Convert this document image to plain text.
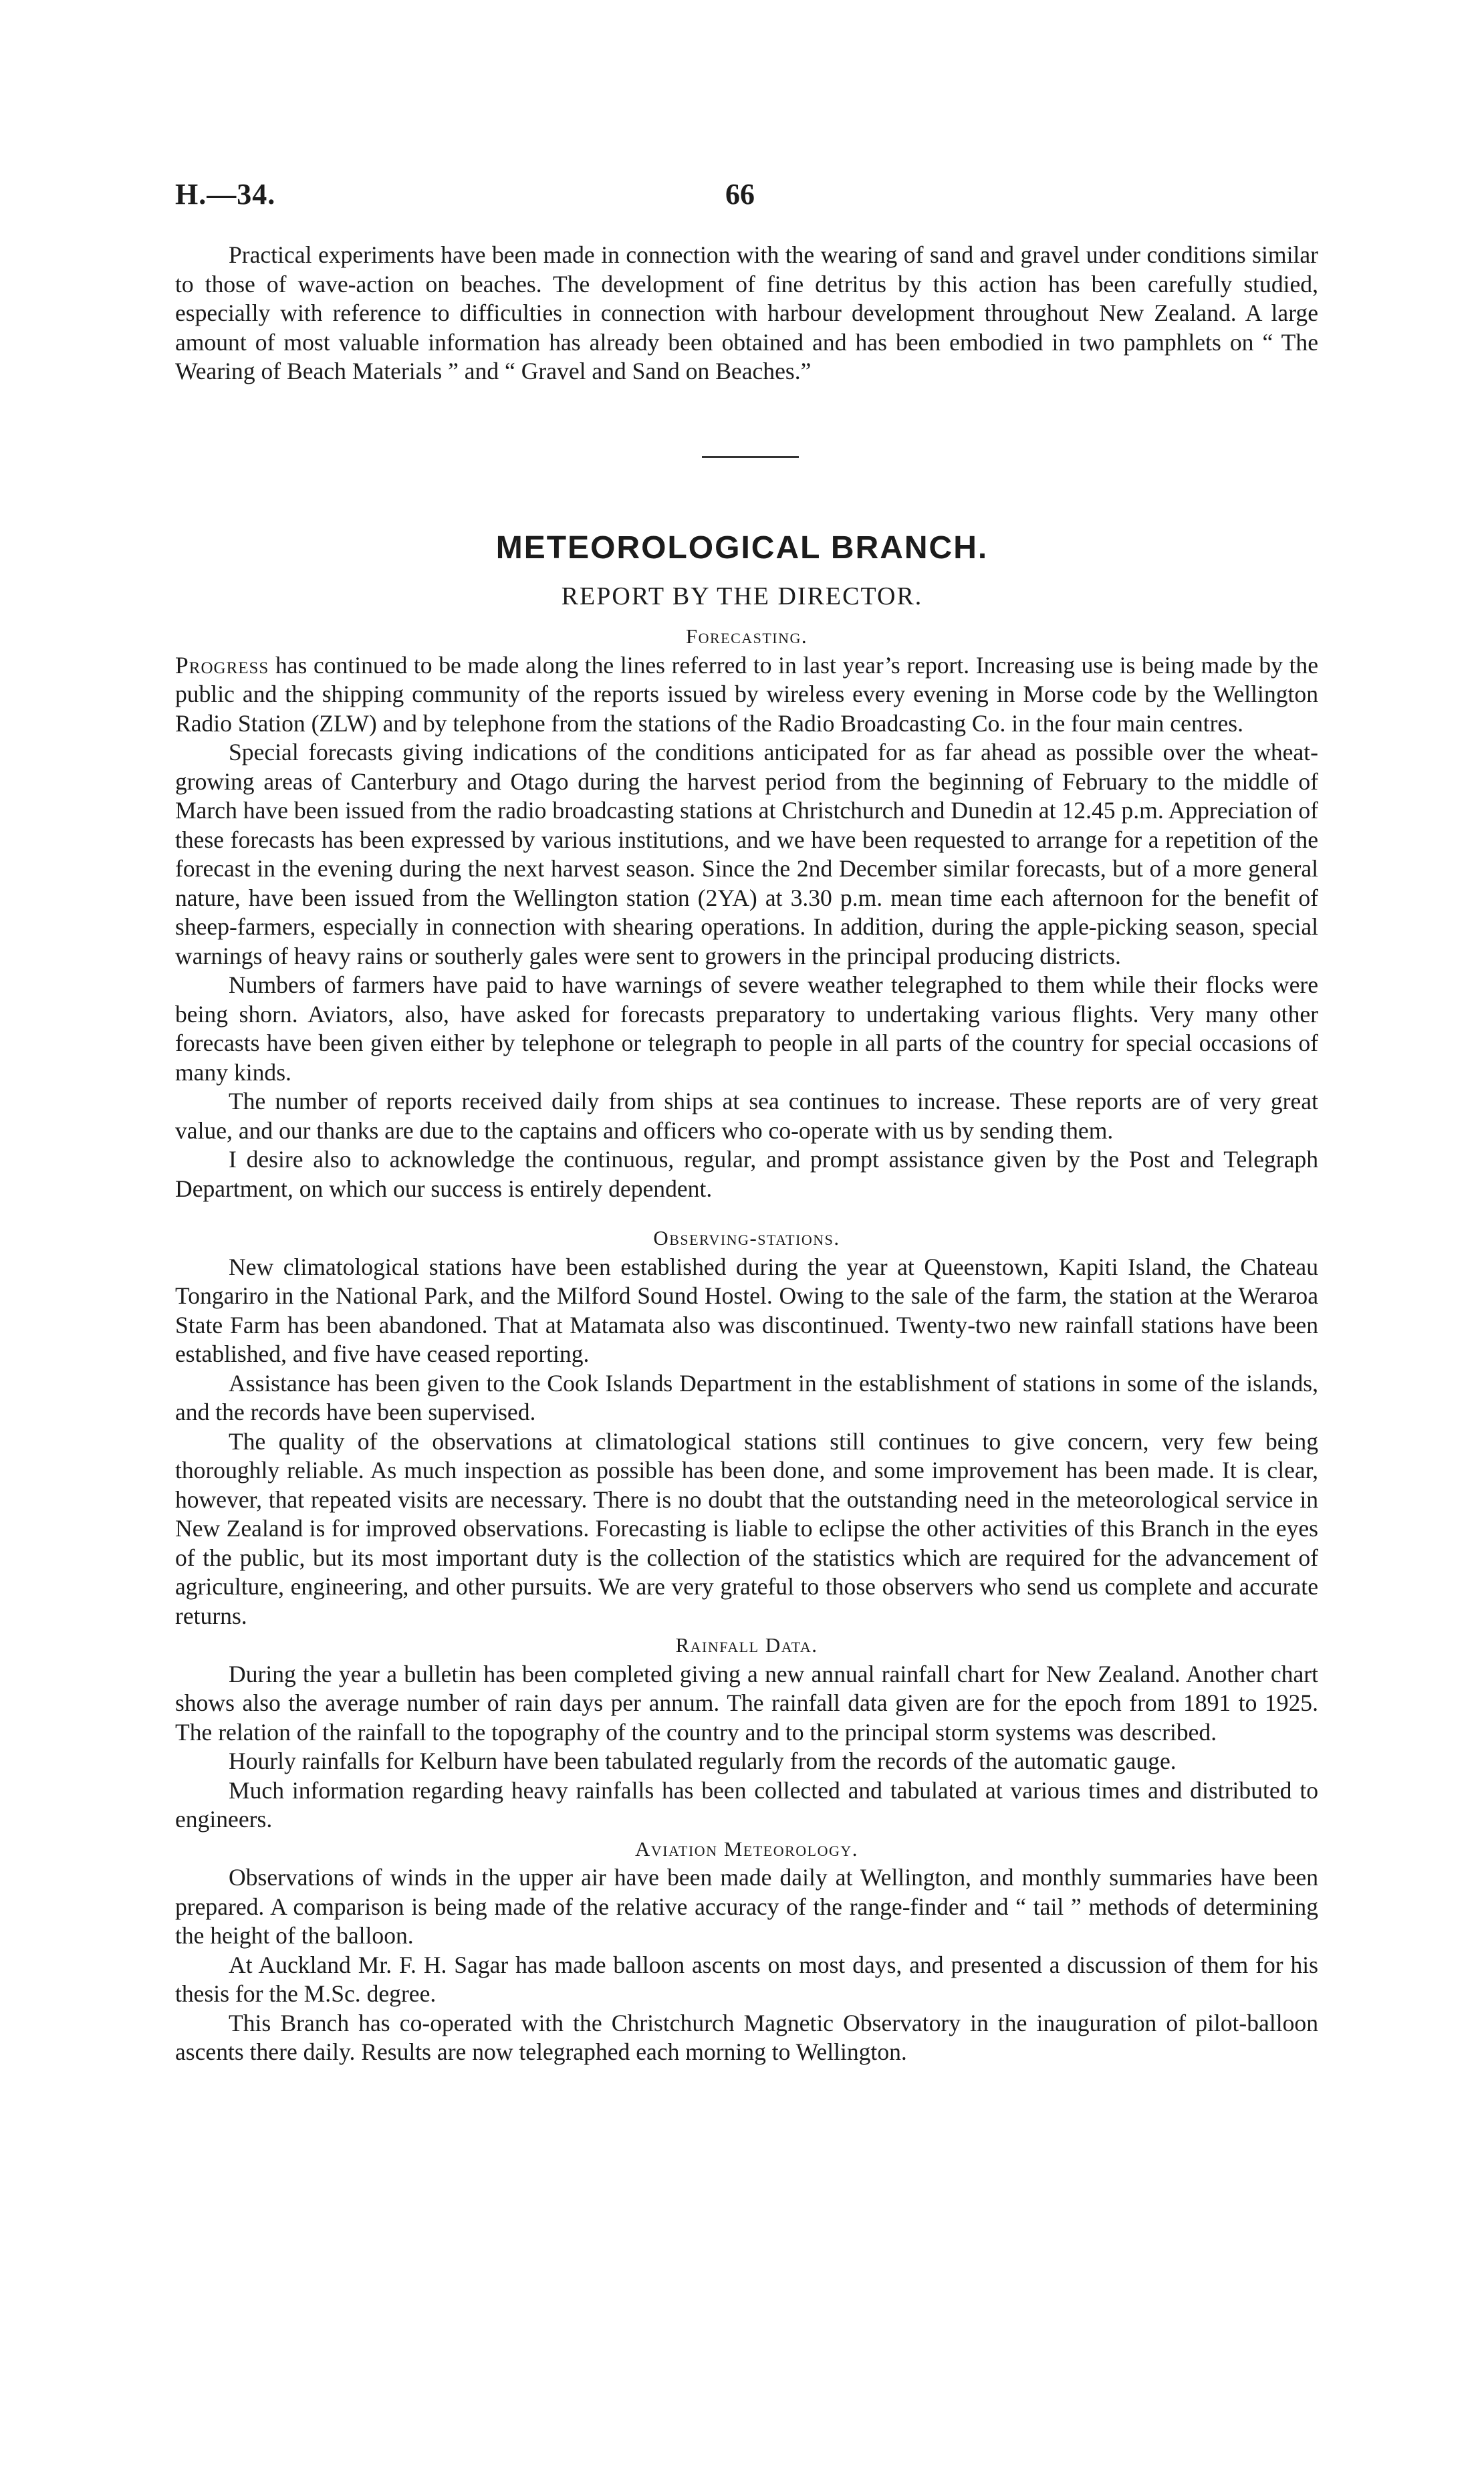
H.—34.	66

Practical experiments have been made in connection with the wearing of sand and gravel under conditions similar to those of wave-action on beaches. The development of fine detritus by this action has been carefully studied, especially with reference to difficulties in connection with harbour development throughout New Zealand. A large amount of most valuable information has already been obtained and has been embodied in two pamphlets on “ The Wearing of Beach Materials ” and “ Gravel and Sand on Beaches.”

METEOROLOGICAL BRANCH.
REPORT BY THE DIRECTOR.

Forecasting.

Progress has continued to be made along the lines referred to in last year’s report. Increasing use is being made by the public and the shipping community of the reports issued by wireless every evening in Morse code by the Wellington Radio Station (ZLW) and by telephone from the stations of the Radio Broadcasting Co. in the four main centres.

Special forecasts giving indications of the conditions anticipated for as far ahead as possible over the wheat-growing areas of Canterbury and Otago during the harvest period from the beginning of February to the middle of March have been issued from the radio broadcasting stations at Christchurch and Dunedin at 12.45 p.m. Appreciation of these forecasts has been expressed by various institutions, and we have been requested to arrange for a repetition of the forecast in the evening during the next harvest season. Since the 2nd December similar forecasts, but of a more general nature, have been issued from the Wellington station (2YA) at 3.30 p.m. mean time each afternoon for the benefit of sheep-farmers, especially in connection with shearing operations. In addition, during the apple-picking season, special warnings of heavy rains or southerly gales were sent to growers in the principal producing districts.

Numbers of farmers have paid to have warnings of severe weather telegraphed to them while their flocks were being shorn. Aviators, also, have asked for forecasts preparatory to undertaking various flights. Very many other forecasts have been given either by telephone or telegraph to people in all parts of the country for special occasions of many kinds.

The number of reports received daily from ships at sea continues to increase. These reports are of very great value, and our thanks are due to the captains and officers who co-operate with us by sending them.

I desire also to acknowledge the continuous, regular, and prompt assistance given by the Post and Telegraph Department, on which our success is entirely dependent.

Observing-stations.

New climatological stations have been established during the year at Queenstown, Kapiti Island, the Chateau Tongariro in the National Park, and the Milford Sound Hostel. Owing to the sale of the farm, the station at the Weraroa State Farm has been abandoned. That at Matamata also was discontinued. Twenty-two new rainfall stations have been established, and five have ceased reporting.

Assistance has been given to the Cook Islands Department in the establishment of stations in some of the islands, and the records have been supervised.

The quality of the observations at climatological stations still continues to give concern, very few being thoroughly reliable. As much inspection as possible has been done, and some improvement has been made. It is clear, however, that repeated visits are necessary. There is no doubt that the outstanding need in the meteorological service in New Zealand is for improved observations. Forecasting is liable to eclipse the other activities of this Branch in the eyes of the public, but its most important duty is the collection of the statistics which are required for the advancement of agriculture, engineering, and other pursuits. We are very grateful to those observers who send us complete and accurate returns.

Rainfall Data.

During the year a bulletin has been completed giving a new annual rainfall chart for New Zealand. Another chart shows also the average number of rain days per annum. The rainfall data given are for the epoch from 1891 to 1925. The relation of the rainfall to the topography of the country and to the principal storm systems was described.

Hourly rainfalls for Kelburn have been tabulated regularly from the records of the automatic gauge.

Much information regarding heavy rainfalls has been collected and tabulated at various times and distributed to engineers.

Aviation Meteorology.

Observations of winds in the upper air have been made daily at Wellington, and monthly summaries have been prepared. A comparison is being made of the relative accuracy of the range-finder and “ tail ” methods of determining the height of the balloon.

At Auckland Mr. F. H. Sagar has made balloon ascents on most days, and presented a discussion of them for his thesis for the M.Sc. degree.

This Branch has co-operated with the Christchurch Magnetic Observatory in the inauguration of pilot-balloon ascents there daily. Results are now telegraphed each morning to Wellington.
